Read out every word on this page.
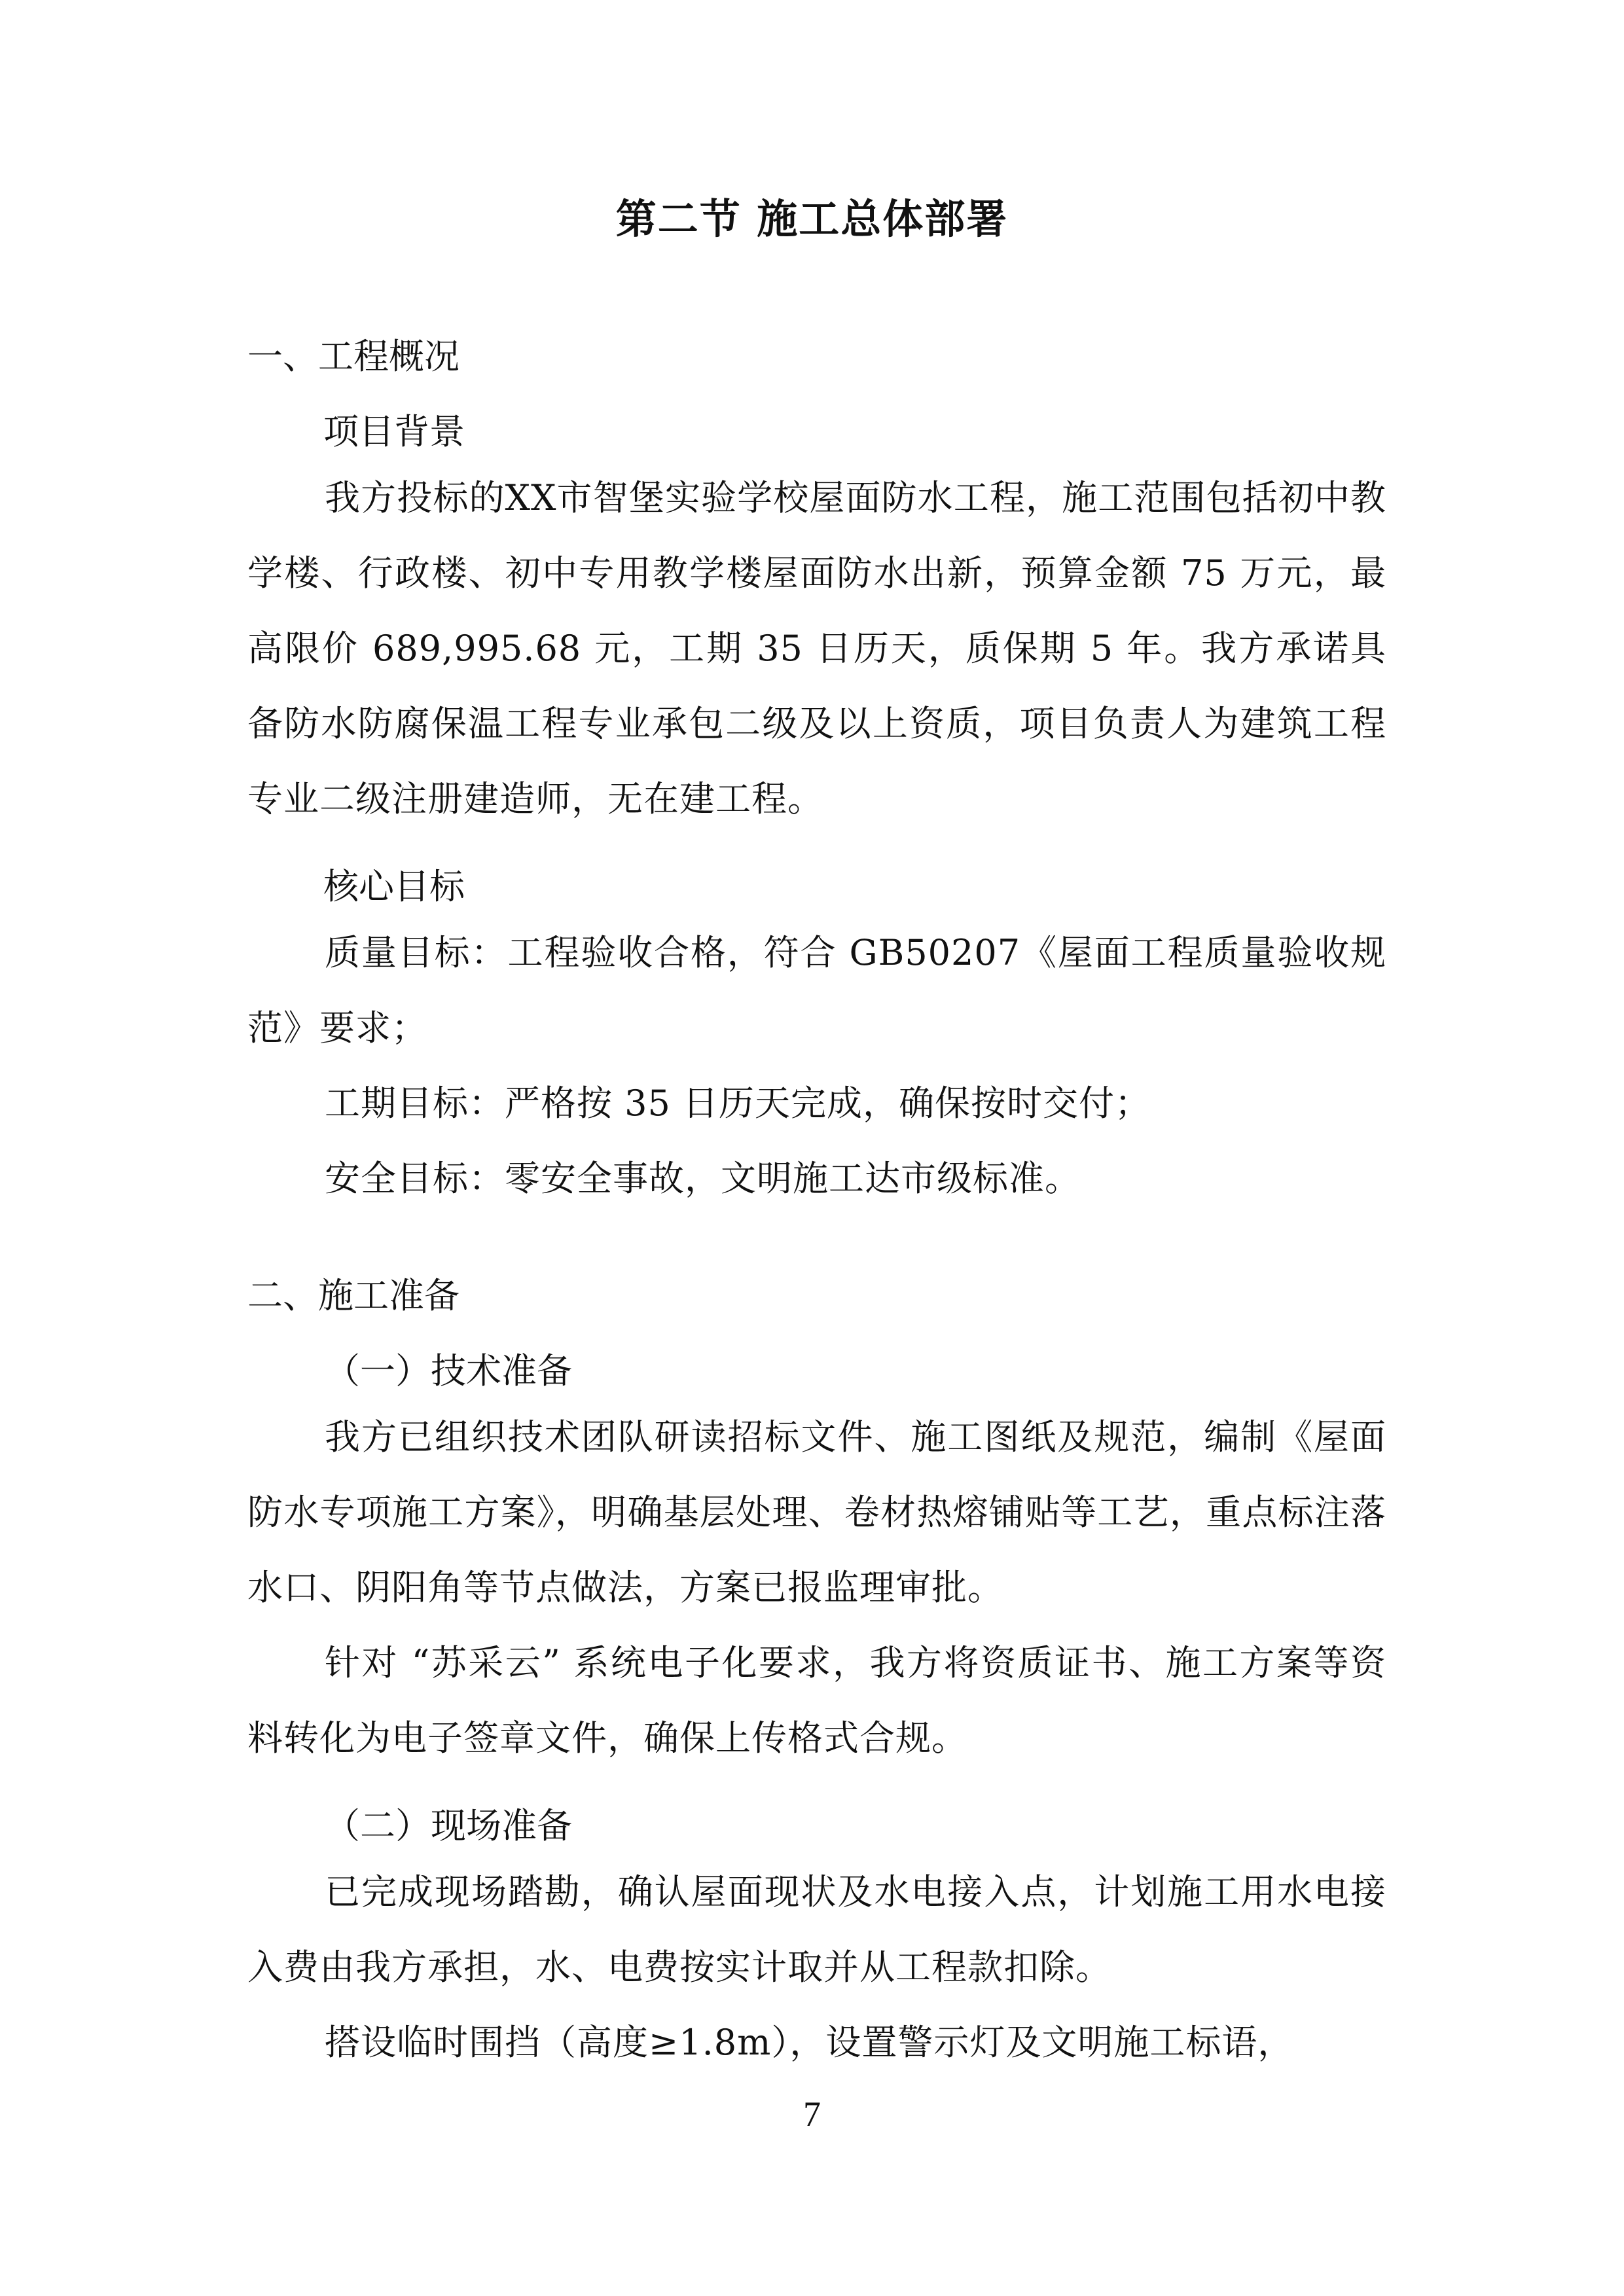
第二节 施工总体部署

一、工程概况

项目背景

我方投标的XX市智堡实验学校屋面防水工程，施工范围包括初中教学楼、行政楼、初中专用教学楼屋面防水出新，预算金额 75 万元，最高限价 689,995.68 元，工期 35 日历天，质保期 5 年。我方承诺具备防水防腐保温工程专业承包二级及以上资质，项目负责人为建筑工程专业二级注册建造师，无在建工程。

核心目标

质量目标：工程验收合格，符合 GB50207《屋面工程质量验收规范》要求；

工期目标：严格按 35 日历天完成，确保按时交付；

安全目标：零安全事故，文明施工达市级标准。

二、施工准备

（一）技术准备

我方已组织技术团队研读招标文件、施工图纸及规范，编制《屋面防水专项施工方案》，明确基层处理、卷材热熔铺贴等工艺，重点标注落水口、阴阳角等节点做法，方案已报监理审批。

针对 “苏采云” 系统电子化要求，我方将资质证书、施工方案等资料转化为电子签章文件，确保上传格式合规。

（二）现场准备

已完成现场踏勘，确认屋面现状及水电接入点，计划施工用水电接入费由我方承担，水、电费按实计取并从工程款扣除。

搭设临时围挡（高度≥1.8m），设置警示灯及文明施工标语，

7
